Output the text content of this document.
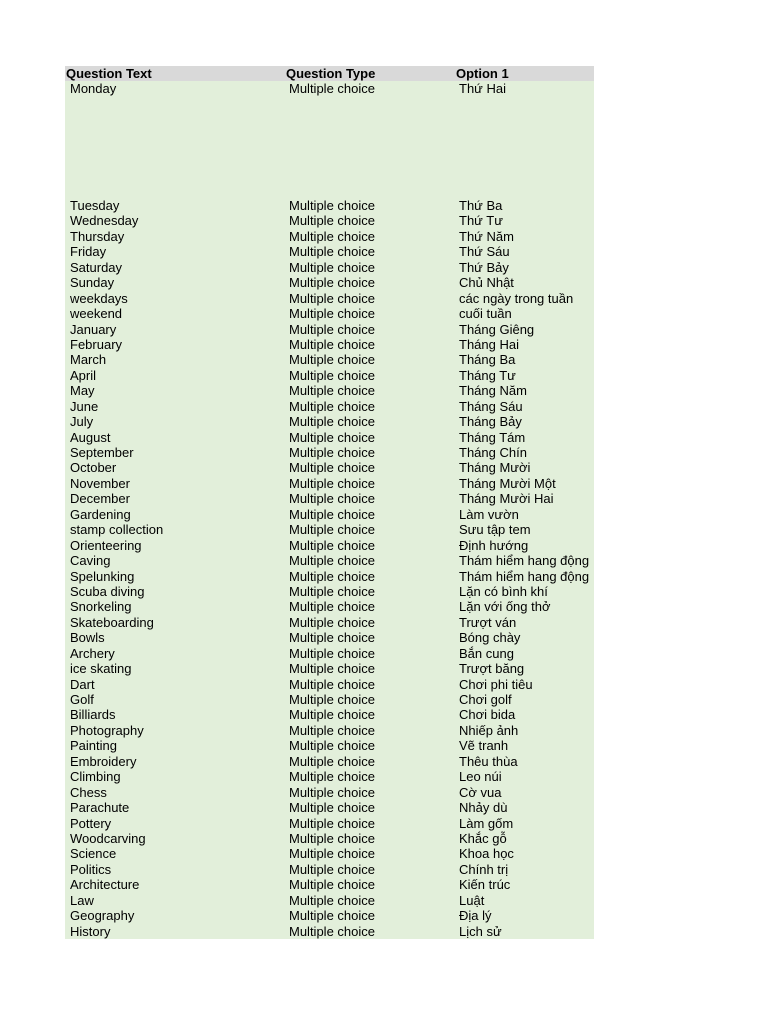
Question Text	Question Type	Option 1
Monday	Multiple choice	Thứ Hai
Tuesday	Multiple choice	Thứ Ba
Wednesday	Multiple choice	Thứ Tư
Thursday	Multiple choice	Thứ Năm
Friday	Multiple choice	Thứ Sáu
Saturday	Multiple choice	Thứ Bảy
Sunday	Multiple choice	Chủ Nhật
weekdays	Multiple choice	các ngày trong tuần
weekend	Multiple choice	cuối tuần
January	Multiple choice	Tháng Giêng
February	Multiple choice	Tháng Hai
March	Multiple choice	Tháng Ba
April	Multiple choice	Tháng Tư
May	Multiple choice	Tháng Năm
June	Multiple choice	Tháng Sáu
July	Multiple choice	Tháng Bảy
August	Multiple choice	Tháng Tám
September	Multiple choice	Tháng Chín
October	Multiple choice	Tháng Mười
November	Multiple choice	Tháng Mười Một
December	Multiple choice	Tháng Mười Hai
Gardening	Multiple choice	Làm vườn
stamp collection	Multiple choice	Sưu tập tem
Orienteering	Multiple choice	Định hướng
Caving	Multiple choice	Thám hiểm hang động
Spelunking	Multiple choice	Thám hiểm hang động
Scuba diving	Multiple choice	Lặn có bình khí
Snorkeling	Multiple choice	Lặn với ống thở
Skateboarding	Multiple choice	Trượt ván
Bowls	Multiple choice	Bóng chày
Archery	Multiple choice	Bắn cung
ice skating	Multiple choice	Trượt băng
Dart	Multiple choice	Chơi phi tiêu
Golf	Multiple choice	Chơi golf
Billiards	Multiple choice	Chơi bida
Photography	Multiple choice	Nhiếp ảnh
Painting	Multiple choice	Vẽ tranh
Embroidery	Multiple choice	Thêu thùa
Climbing	Multiple choice	Leo núi
Chess	Multiple choice	Cờ vua
Parachute	Multiple choice	Nhảy dù
Pottery	Multiple choice	Làm gốm
Woodcarving	Multiple choice	Khắc gỗ
Science	Multiple choice	Khoa học
Politics	Multiple choice	Chính trị
Architecture	Multiple choice	Kiến trúc
Law	Multiple choice	Luật
Geography	Multiple choice	Địa lý
History	Multiple choice	Lịch sử
